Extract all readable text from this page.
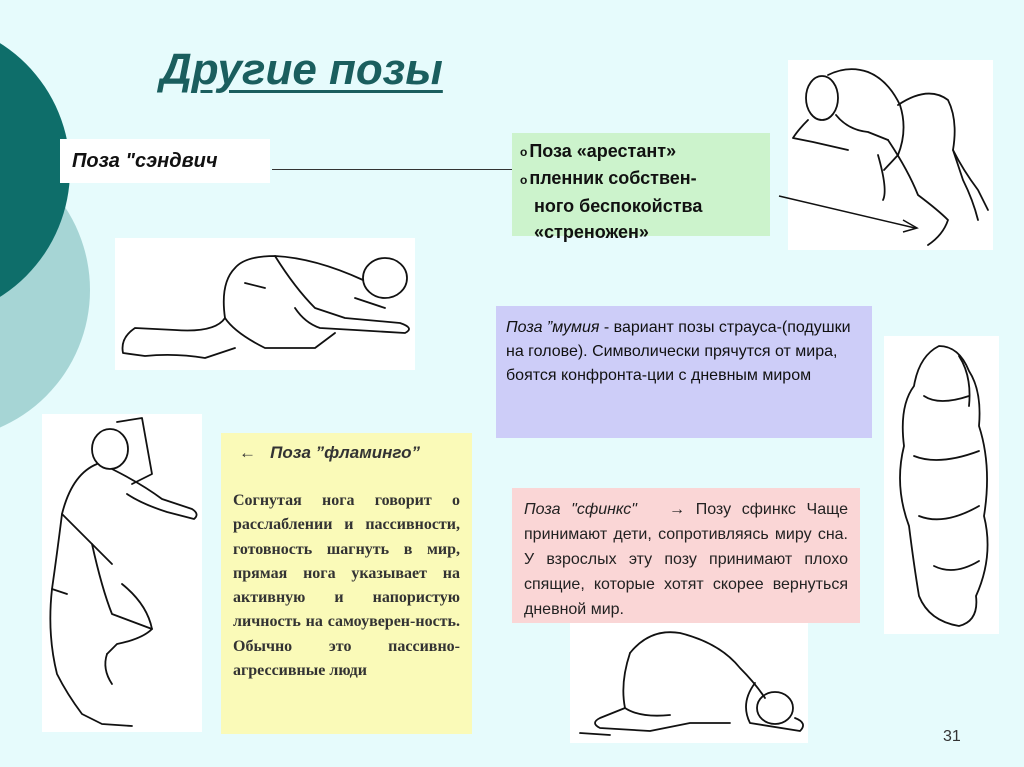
Другие позы
Поза "сэндвич	o Поза «арестант»
o пленник собствен-
ного беспокойства
«стреножен»
Поза ”мумия - вариант позы страуса-(подушки на голове). Символически прячутся от мира, боятся конфронта-ции с дневным миром
← Поза ”фламинго”
Согнутая нога говорит о расслаблении и пассивности, готовность шагнуть в мир, прямая нога указывает на активную и напористую личность на самоуверен-ность. Обычно это пассивно-агрессивные люди
Поза "сфинкс" → Позу сфинкс Чаще принимают дети, сопротивляясь миру сна. У взрослых эту позу принимают плохо спящие, которые хотят скорее вернуться дневной мир.
31
